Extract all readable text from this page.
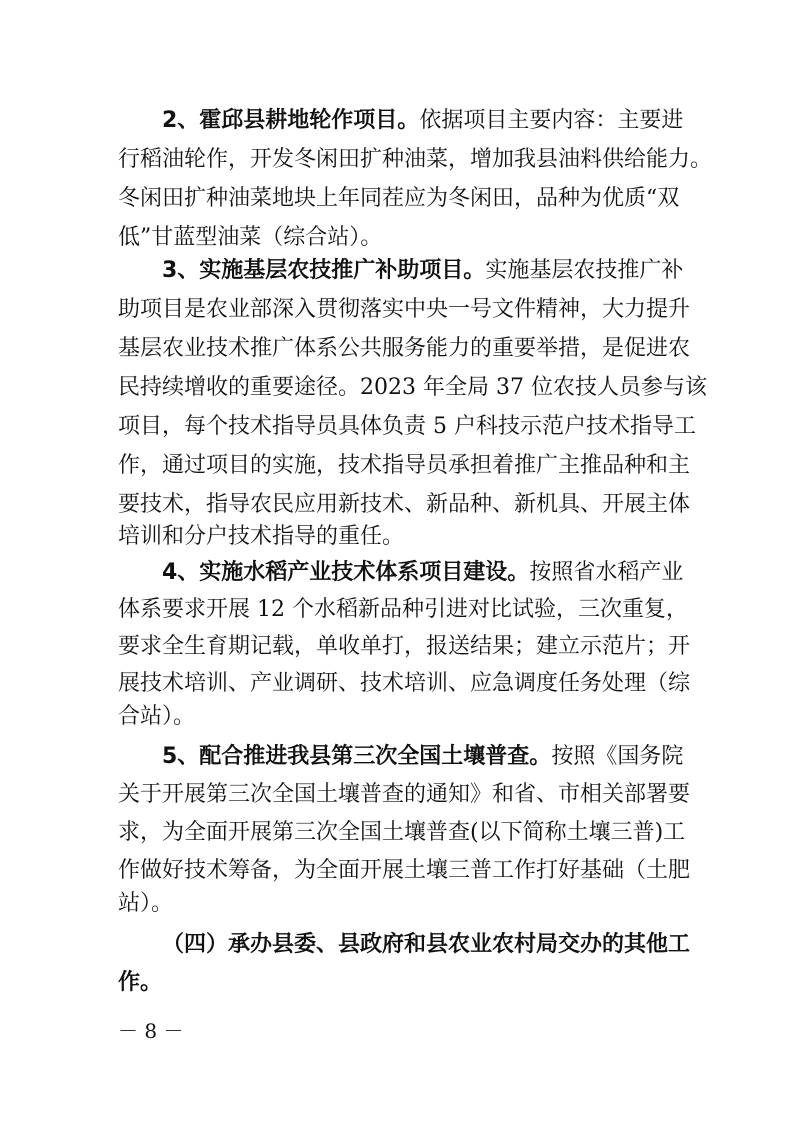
2、霍邱县耕地轮作项目。依据项目主要内容：主要进
行稻油轮作，开发冬闲田扩种油菜，增加我县油料供给能力。
冬闲田扩种油菜地块上年同茬应为冬闲田，品种为优质“双
低”甘蓝型油菜（综合站）。
3、实施基层农技推广补助项目。实施基层农技推广补
助项目是农业部深入贯彻落实中央一号文件精神，大力提升
基层农业技术推广体系公共服务能力的重要举措，是促进农
民持续增收的重要途径。2023 年全局 37 位农技人员参与该
项目，每个技术指导员具体负责 5 户科技示范户技术指导工
作，通过项目的实施，技术指导员承担着推广主推品种和主
要技术，指导农民应用新技术、新品种、新机具、开展主体
培训和分户技术指导的重任。
4、实施水稻产业技术体系项目建设。按照省水稻产业
体系要求开展 12 个水稻新品种引进对比试验，三次重复，
要求全生育期记载，单收单打，报送结果；建立示范片；开
展技术培训、产业调研、技术培训、应急调度任务处理（综
合站）。
5、配合推进我县第三次全国土壤普查。按照《国务院
关于开展第三次全国土壤普查的通知》和省、市相关部署要
求，为全面开展第三次全国土壤普查(以下简称土壤三普)工
作做好技术筹备，为全面开展土壤三普工作打好基础（土肥
站）。
（四）承办县委、县政府和县农业农村局交办的其他工
作。
－ 8 －
